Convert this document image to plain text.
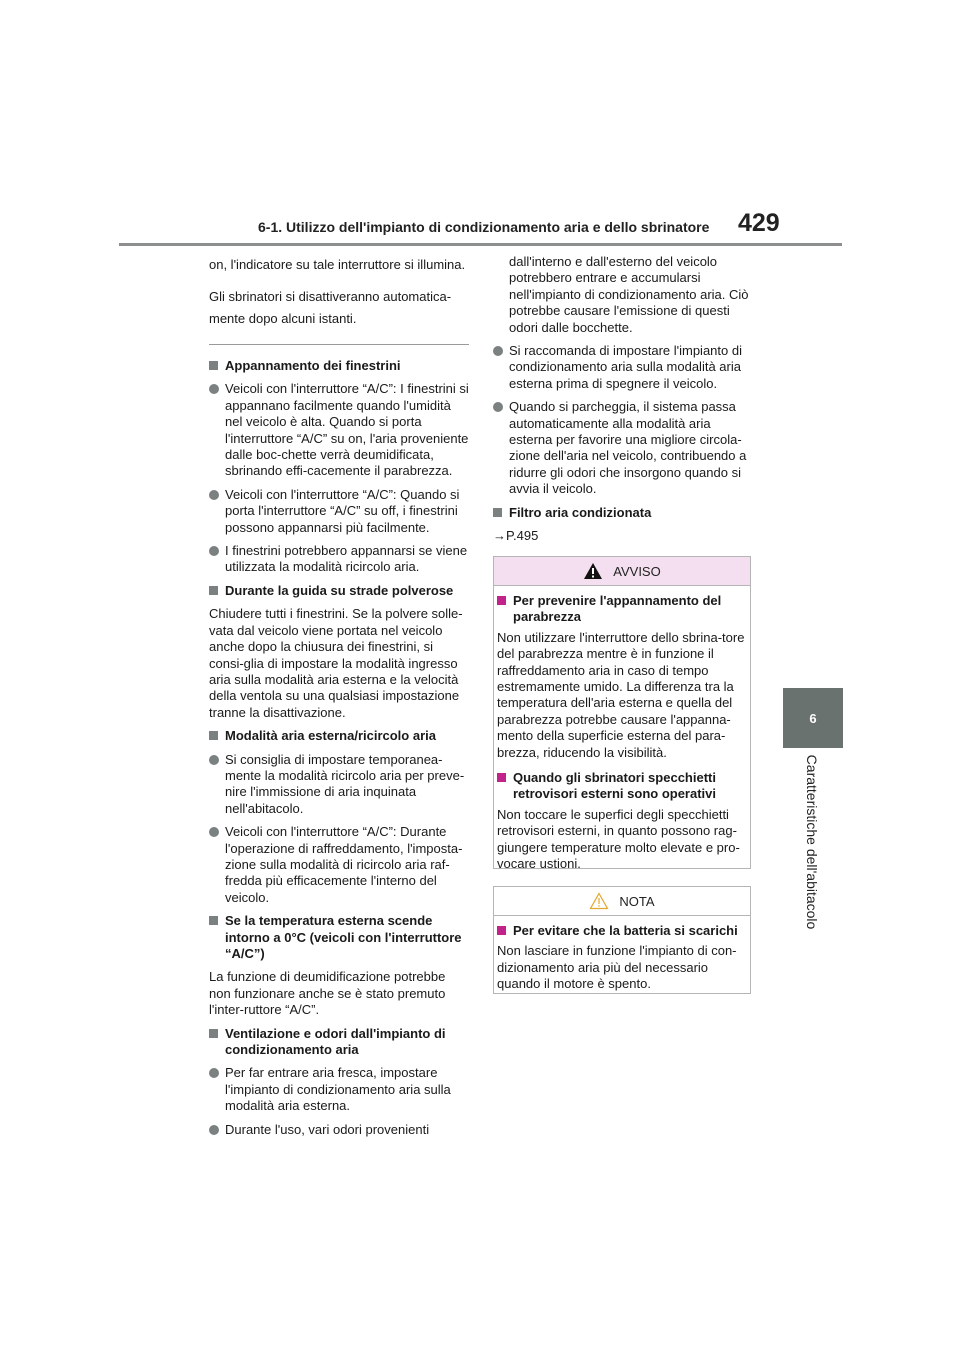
6-1. Utilizzo dell'impianto di condizionamento aria e dello sbrinatore 429
6
Caratteristiche dell'abitacolo

on, l'indicatore su tale interruttore si illumina.

Gli sbrinatori si disattiveranno automatica-

mente dopo alcuni istanti.

Appannamento dei finestrini
Veicoli con l'interruttore “A/C”: I finestrini si appannano facilmente quando l'umidità nel veicolo è alta. Quando si porta l'interruttore “A/C” su on, l'aria proveniente dalle boc-chette verrà deumidificata, sbrinando effi-cacemente il parabrezza.
Veicoli con l'interruttore “A/C”: Quando si porta l'interruttore “A/C” su off, i finestrini possono appannarsi più facilmente.
I finestrini potrebbero appannarsi se viene utilizzata la modalità ricircolo aria.
Durante la guida su strade polverose

Chiudere tutti i finestrini. Se la polvere solle-vata dal veicolo viene portata nel veicolo anche dopo la chiusura dei finestrini, si consi-glia di impostare la modalità ingresso aria sulla modalità aria esterna e la velocità della ventola su una qualsiasi impostazione tranne la disattivazione.

Modalità aria esterna/ricircolo aria
Si consiglia di impostare temporanea-mente la modalità ricircolo aria per preve-nire l'immissione di aria inquinata nell'abitacolo.
Veicoli con l'interruttore “A/C”: Durante l'operazione di raffreddamento, l'imposta-zione sulla modalità di ricircolo aria raf-fredda più efficacemente l'interno del veicolo.
Se la temperatura esterna scende intorno a 0°C (veicoli con l'interruttore “A/C”)

La funzione di deumidificazione potrebbe non funzionare anche se è stato premuto l'inter-ruttore “A/C”.

Ventilazione e odori dall'impianto di condizionamento aria
Per far entrare aria fresca, impostare l'impianto di condizionamento aria sulla modalità aria esterna.
Durante l'uso, vari odori provenienti

dall'interno e dall'esterno del veicolo potrebbero entrare e accumularsi nell'impianto di condizionamento aria. Ciò potrebbe causare l'emissione di questi odori dalle bocchette.

Si raccomanda di impostare l'impianto di condizionamento aria sulla modalità aria esterna prima di spegnere il veicolo.
Quando si parcheggia, il sistema passa automaticamente alla modalità aria esterna per favorire una migliore circola-zione dell'aria nel veicolo, contribuendo a ridurre gli odori che insorgono quando si avvia il veicolo.
Filtro aria condizionata

→P.495

AVVISO
Per prevenire l'appannamento del parabrezza

Non utilizzare l'interruttore dello sbrina-tore del parabrezza mentre è in funzione il raffreddamento aria in caso di tempo estremamente umido. La differenza tra la temperatura dell'aria esterna e quella del parabrezza potrebbe causare l'appanna-mento della superficie esterna del para-brezza, riducendo la visibilità.

Quando gli sbrinatori specchietti retrovisori esterni sono operativi

Non toccare le superfici degli specchietti retrovisori esterni, in quanto possono rag-giungere temperature molto elevate e pro-vocare ustioni.

NOTA
Per evitare che la batteria si scarichi

Non lasciare in funzione l'impianto di con-dizionamento aria più del necessario quando il motore è spento.
